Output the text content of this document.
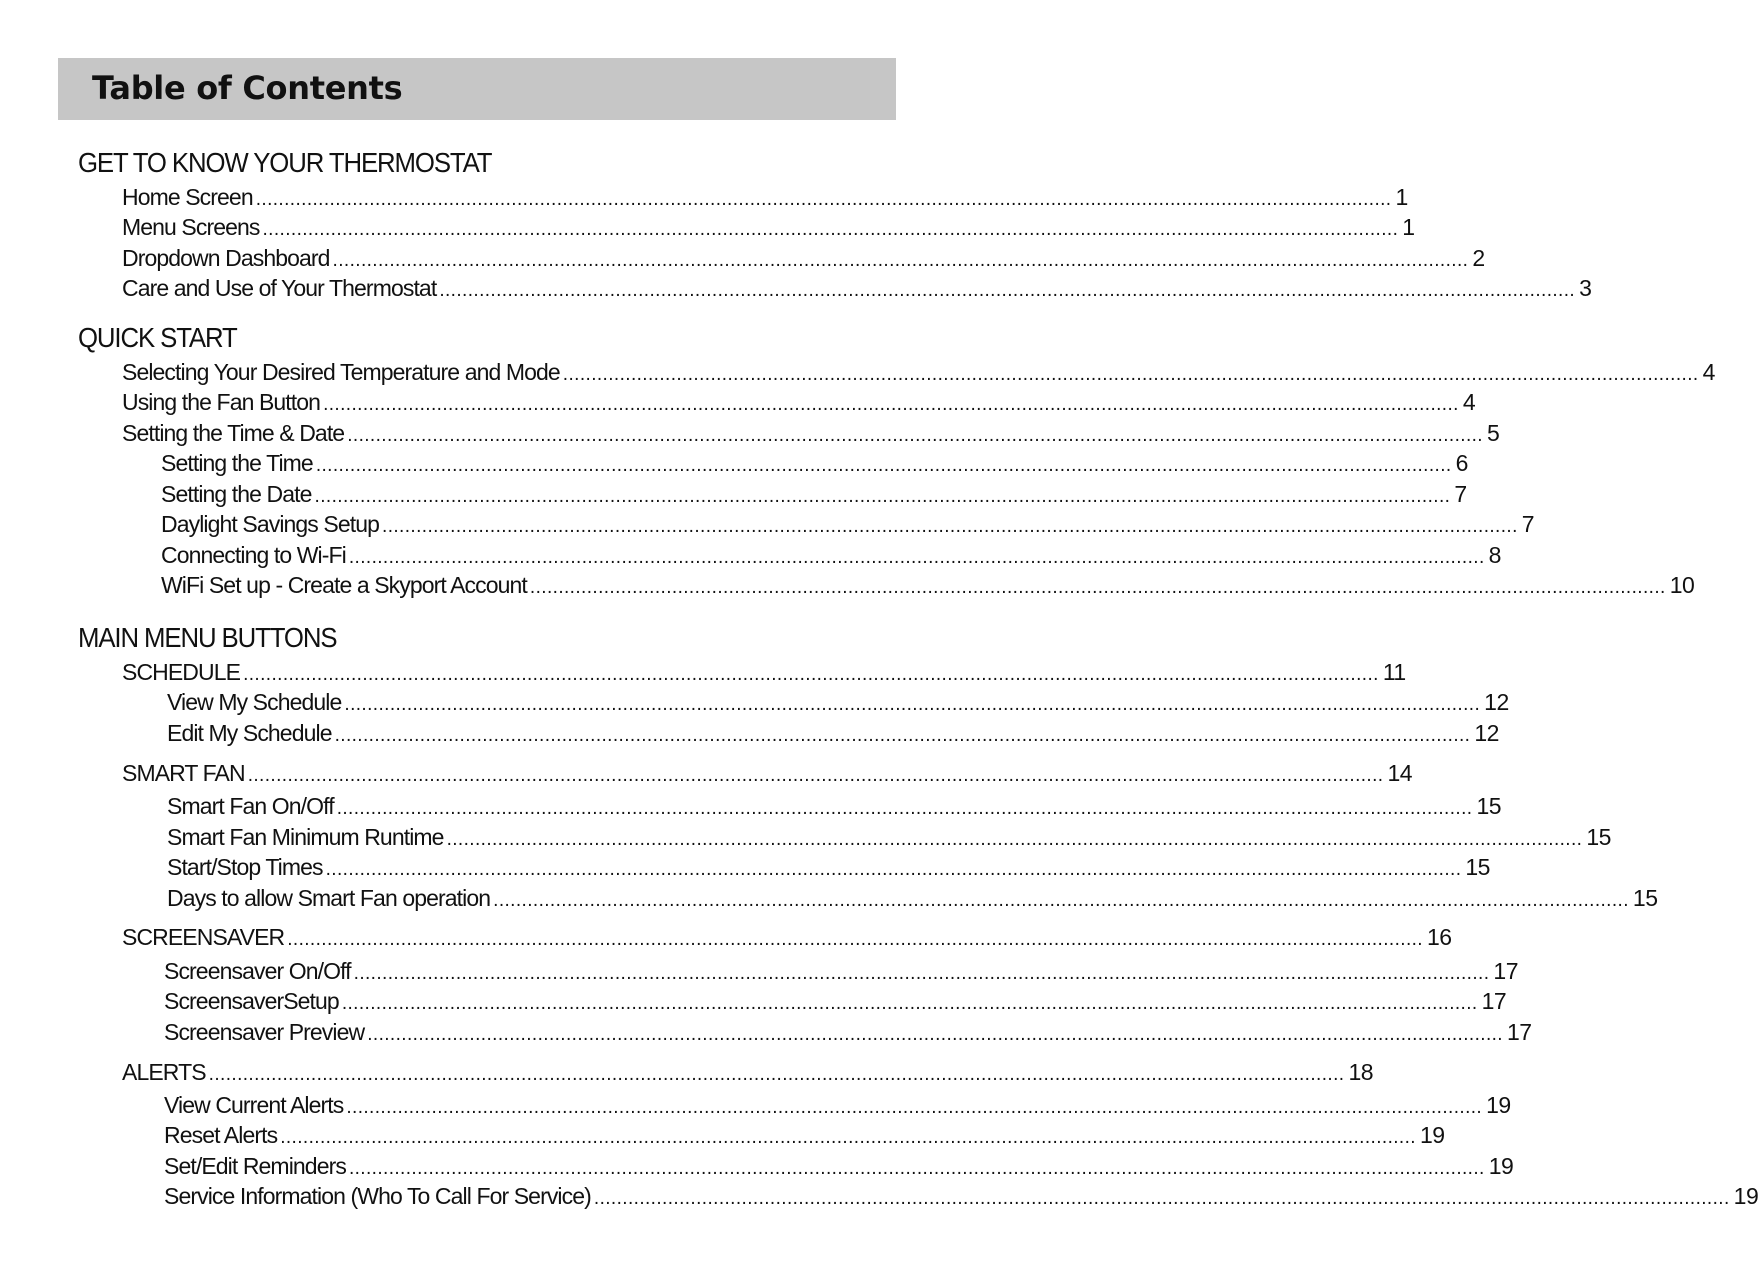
Table of Contents
GET TO KNOW YOUR THERMOSTAT
QUICK START
MAIN MENU BUTTONS
Home Screen ........................................................................................................................................................................................................ 1
Menu Screens ........................................................................................................................................................................................................ 1
Dropdown Dashboard ........................................................................................................................................................................................................ 2
Care and Use of Your Thermostat ........................................................................................................................................................................................................ 3
Selecting Your Desired Temperature and Mode ........................................................................................................................................................................................................ 4
Using the Fan Button ........................................................................................................................................................................................................ 4
Setting the Time & Date ........................................................................................................................................................................................................ 5
Setting the Time ........................................................................................................................................................................................................ 6
Setting the Date ........................................................................................................................................................................................................ 7
Daylight Savings Setup ........................................................................................................................................................................................................ 7
Connecting to Wi-Fi ........................................................................................................................................................................................................ 8
WiFi Set up - Create a Skyport Account ........................................................................................................................................................................................................ 10
SCHEDULE ........................................................................................................................................................................................................ 11
View My Schedule ........................................................................................................................................................................................................ 12
Edit My Schedule ........................................................................................................................................................................................................ 12
SMART FAN ........................................................................................................................................................................................................ 14
Smart Fan On/Off ........................................................................................................................................................................................................ 15
Smart Fan Minimum Runtime ........................................................................................................................................................................................................ 15
Start/Stop Times ........................................................................................................................................................................................................ 15
Days to allow Smart Fan operation ........................................................................................................................................................................................................ 15
SCREENSAVER ........................................................................................................................................................................................................ 16
Screensaver On/Off ........................................................................................................................................................................................................ 17
ScreensaverSetup ........................................................................................................................................................................................................ 17
Screensaver Preview ........................................................................................................................................................................................................ 17
ALERTS ........................................................................................................................................................................................................ 18
View Current Alerts ........................................................................................................................................................................................................ 19
Reset Alerts ........................................................................................................................................................................................................ 19
Set/Edit Reminders ........................................................................................................................................................................................................ 19
Service Information (Who To Call For Service) ........................................................................................................................................................................................................ 19
